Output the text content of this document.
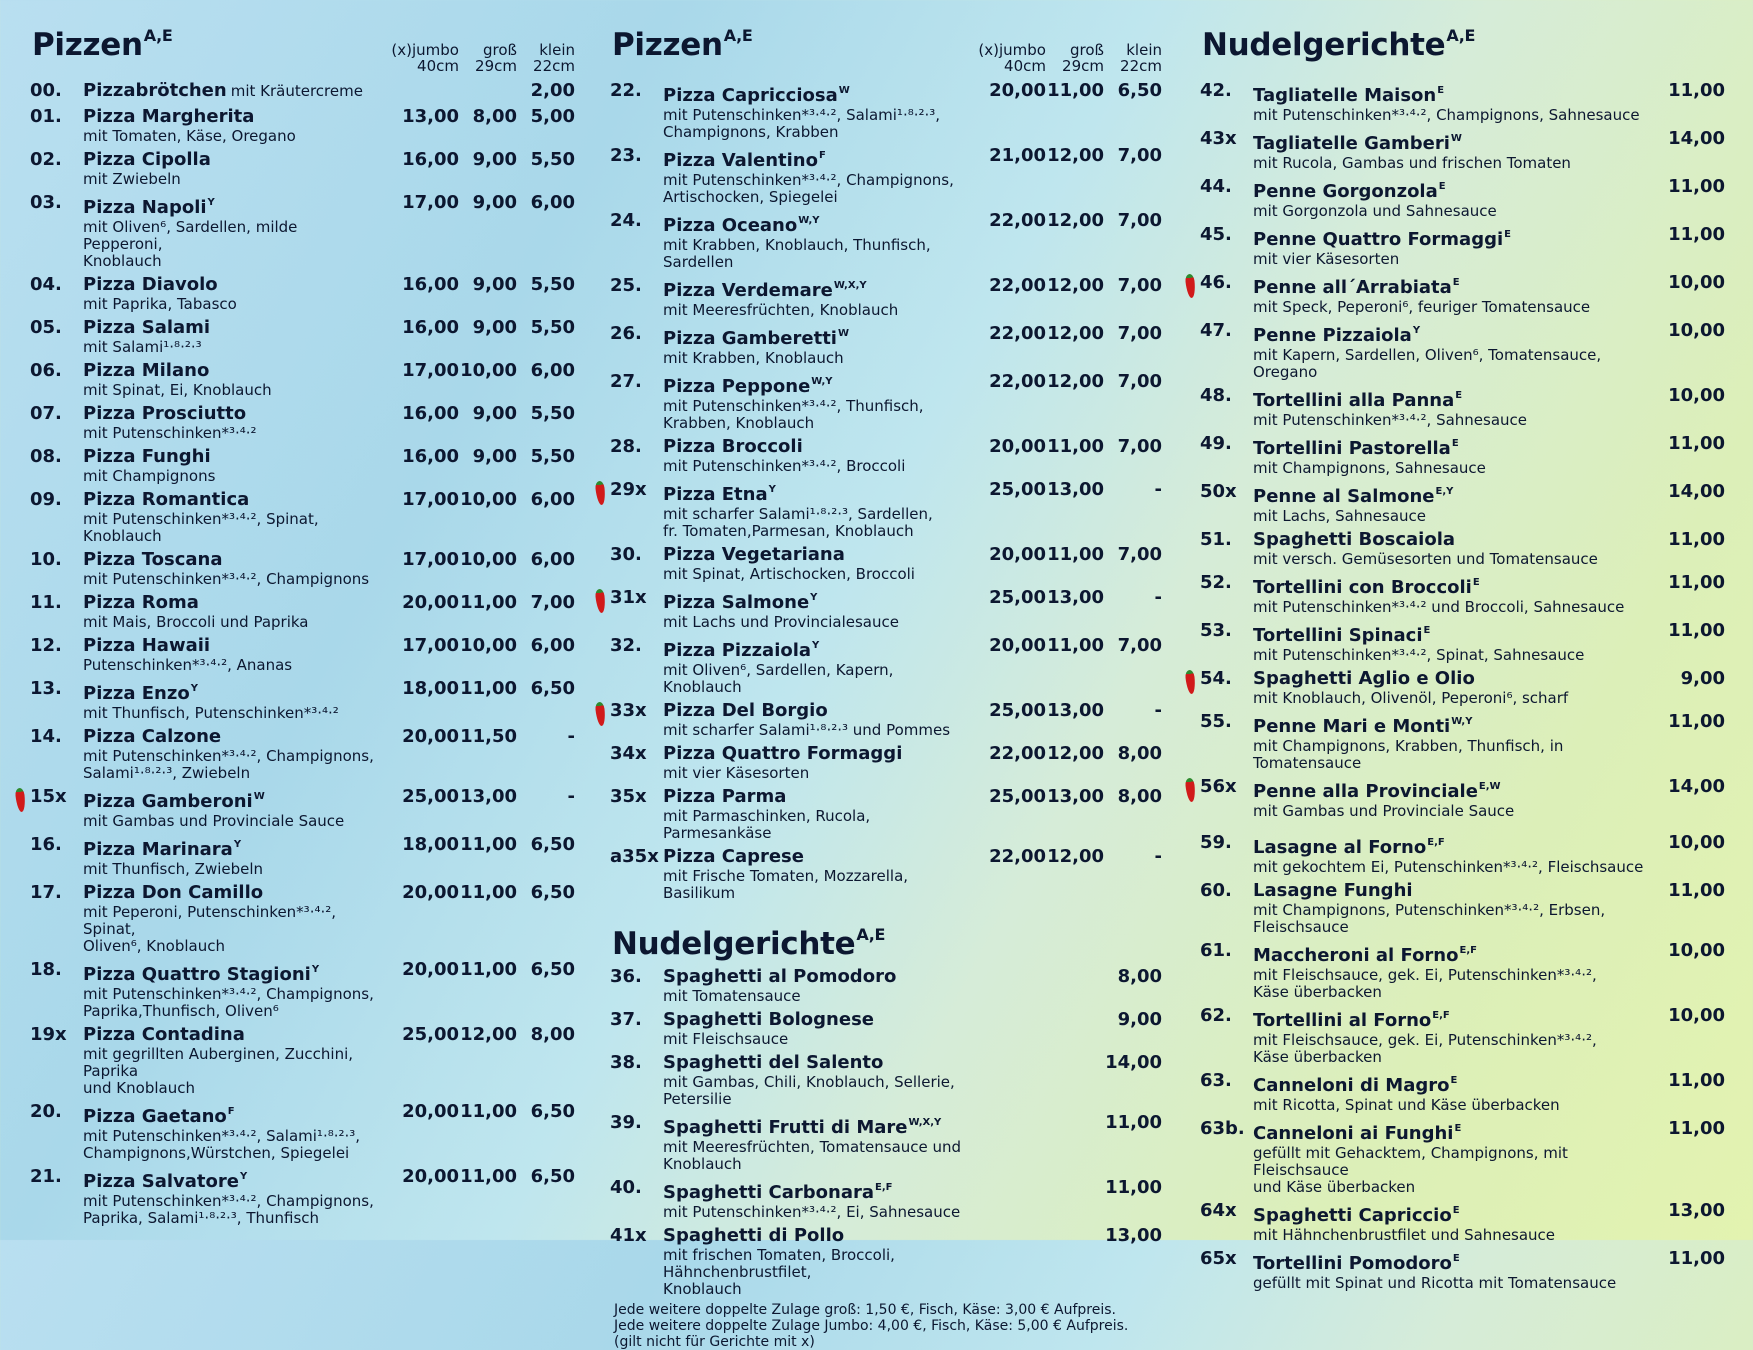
Pizzen$^{A,E}$
(x)jumbo
40cm
groß
29cm
klein
22cm
00.	Pizzabrötchen mit Kräutercreme	2,00
01.	Pizza Margherita
mit Tomaten, Käse, Oregano
13,00 8,00 5,00
02.	Pizza Cipolla
mit Zwiebeln
16,00 9,00 5,50
03.	Pizza Napoli$^Y$
mit Oliven⁶, Sardellen, milde Pepperoni,
Knoblauch
17,00 9,00 6,00
04.	Pizza Diavolo
mit Paprika, Tabasco
16,00 9,00 5,50
05.	Pizza Salami
mit Salami¹·⁸·²·³
16,00 9,00 5,50
06.	Pizza Milano
mit Spinat, Ei, Knoblauch
17,00 10,00 6,00
07.	Pizza Prosciutto
mit Putenschinken*³·⁴·²
16,00 9,00 5,50
08.	Pizza Funghi
mit Champignons
16,00 9,00 5,50
09.	Pizza Romantica
mit Putenschinken*³·⁴·², Spinat, Knoblauch
17,00 10,00 6,00
10.	Pizza Toscana
mit Putenschinken*³·⁴·², Champignons
17,00 10,00 6,00
11.	Pizza Roma
mit Mais, Broccoli und Paprika
20,00 11,00 7,00
12.	Pizza Hawaii
Putenschinken*³·⁴·², Ananas
17,00 10,00 6,00
13.	Pizza Enzo$^Y$
mit Thunfisch, Putenschinken*³·⁴·²
18,00 11,00 6,50
14.	Pizza Calzone
mit Putenschinken*³·⁴·², Champignons,
Salami¹·⁸·²·³, Zwiebeln
20,00 11,50	-
15x Pizza Gamberoni$^W$
mit Gambas und Provinciale Sauce
25,00 13,00	-
16.	Pizza Marinara$^Y$
mit Thunfisch, Zwiebeln
18,00 11,00 6,50
17.	Pizza Don Camillo
mit Peperoni, Putenschinken*³·⁴·², Spinat,
Oliven⁶, Knoblauch
20,00 11,00 6,50
18.	Pizza Quattro Stagioni$^Y$
mit Putenschinken*³·⁴·², Champignons,
Paprika,Thunfisch, Oliven⁶
20,00 11,00 6,50
19x Pizza Contadina
mit gegrillten Auberginen, Zucchini, Paprika
und Knoblauch
25,00 12,00 8,00
20.	Pizza Gaetano$^F$
mit Putenschinken*³·⁴·², Salami¹·⁸·²·³,
Champignons,Würstchen, Spiegelei
20,00 11,00 6,50
21.	Pizza Salvatore$^Y$
mit Putenschinken*³·⁴·², Champignons,
Paprika, Salami¹·⁸·²·³, Thunfisch
20,00 11,00 6,50
Pizzen$^{A,E}$
(x)jumbo
40cm
groß
29cm
klein
22cm
22.	Pizza Capricciosa$^W$
mit Putenschinken*³·⁴·², Salami¹·⁸·²·³,
Champignons, Krabben
20,00 11,00 6,50
23.	Pizza Valentino$^F$
mit Putenschinken*³·⁴·², Champignons,
Artischocken, Spiegelei
21,00 12,00 7,00
24.	Pizza Oceano$^{W,Y}$
mit Krabben, Knoblauch, Thunfisch, Sardellen
22,00 12,00 7,00
25.	Pizza Verdemare$^{W,X,Y}$
mit Meeresfrüchten, Knoblauch
22,00 12,00 7,00
26.	Pizza Gamberetti$^W$
mit Krabben, Knoblauch
22,00 12,00 7,00
27.	Pizza Peppone$^{W,Y}$
mit Putenschinken*³·⁴·², Thunfisch,
Krabben, Knoblauch
22,00 12,00 7,00
28.	Pizza Broccoli
mit Putenschinken*³·⁴·², Broccoli
20,00 11,00 7,00
29x Pizza Etna$^Y$
mit scharfer Salami¹·⁸·²·³, Sardellen,
fr. Tomaten,Parmesan, Knoblauch
25,00 13,00	-
30.	Pizza Vegetariana
mit Spinat, Artischocken, Broccoli
20,00 11,00 7,00
31x Pizza Salmone$^Y$
mit Lachs und Provincialesauce
25,00 13,00	-
32.	Pizza Pizzaiola$^Y$
mit Oliven⁶, Sardellen, Kapern, Knoblauch
20,00 11,00 7,00
33x Pizza Del Borgio
mit scharfer Salami¹·⁸·²·³ und Pommes
25,00 13,00	-
34x Pizza Quattro Formaggi
mit vier Käsesorten
22,00 12,00 8,00
35x Pizza Parma
mit Parmaschinken, Rucola, Parmesankäse
25,00 13,00 8,00
a35x Pizza Caprese
mit Frische Tomaten, Mozzarella, Basilikum
22,00 12,00	-
Nudelgerichte$^{A,E}$
36.	Spaghetti al Pomodoro
mit Tomatensauce
8,00
37.	Spaghetti Bolognese
mit Fleischsauce
9,00
38.	Spaghetti del Salento
mit Gambas, Chili, Knoblauch, Sellerie, Petersilie
14,00
39.	Spaghetti Frutti di Mare$^{W,X,Y}$
mit Meeresfrüchten, Tomatensauce und Knoblauch
11,00
40.	Spaghetti Carbonara$^{E,F}$
mit Putenschinken*³·⁴·², Ei, Sahnesauce
11,00
41x Spaghetti di Pollo
mit frischen Tomaten, Broccoli, Hähnchenbrustfilet,
Knoblauch
13,00
Jede weitere doppelte Zulage groß: 1,50 €, Fisch, Käse: 3,00 € Aufpreis.
Jede weitere doppelte Zulage Jumbo: 4,00 €, Fisch, Käse: 5,00 € Aufpreis.
(gilt nicht für Gerichte mit x)
Nudelgerichte$^{A,E}$
42.	Tagliatelle Maison$^E$
mit Putenschinken*³·⁴·², Champignons, Sahnesauce
11,00
43x Tagliatelle Gamberi$^W$
mit Rucola, Gambas und frischen Tomaten
14,00
44.	Penne Gorgonzola$^E$
mit Gorgonzola und Sahnesauce
11,00
45.	Penne Quattro Formaggi$^E$
mit vier Käsesorten
11,00
46.	Penne all´Arrabiata$^E$
mit Speck, Peperoni⁶, feuriger Tomatensauce
10,00
47.	Penne Pizzaiola$^Y$
mit Kapern, Sardellen, Oliven⁶, Tomatensauce, Oregano
10,00
48.	Tortellini alla Panna$^E$
mit Putenschinken*³·⁴·², Sahnesauce
10,00
49.	Tortellini Pastorella$^E$
mit Champignons, Sahnesauce
11,00
50x Penne al Salmone$^{E,Y}$
mit Lachs, Sahnesauce
14,00
51.	Spaghetti Boscaiola
mit versch. Gemüsesorten und Tomatensauce
11,00
52.	Tortellini con Broccoli$^E$
mit Putenschinken*³·⁴·² und Broccoli, Sahnesauce
11,00
53.	Tortellini Spinaci$^E$
mit Putenschinken*³·⁴·², Spinat, Sahnesauce
11,00
54.	Spaghetti Aglio e Olio
mit Knoblauch, Olivenöl, Peperoni⁶, scharf
9,00
55.	Penne Mari e Monti$^{W,Y}$
mit Champignons, Krabben, Thunfisch, in Tomatensauce
11,00
56x Penne alla Provinciale$^{E,W}$
mit Gambas und Provinciale Sauce
14,00
59.	Lasagne al Forno$^{E,F}$
mit gekochtem Ei, Putenschinken*³·⁴·², Fleischsauce
10,00
60.	Lasagne Funghi
mit Champignons, Putenschinken*³·⁴·², Erbsen,
Fleischsauce
11,00
61.	Maccheroni al Forno$^{E,F}$
mit Fleischsauce, gek. Ei, Putenschinken*³·⁴·²,
Käse überbacken
10,00
62.	Tortellini al Forno$^{E,F}$
mit Fleischsauce, gek. Ei, Putenschinken*³·⁴·²,
Käse überbacken
10,00
63.	Canneloni di Magro$^E$
mit Ricotta, Spinat und Käse überbacken
11,00
63b. Canneloni ai Funghi$^E$
gefüllt mit Gehacktem, Champignons, mit Fleischsauce
und Käse überbacken
11,00
64x Spaghetti Capriccio$^E$
mit Hähnchenbrustfilet und Sahnesauce
13,00
65x Tortellini Pomodoro$^E$
gefüllt mit Spinat und Ricotta mit Tomatensauce
11,00
